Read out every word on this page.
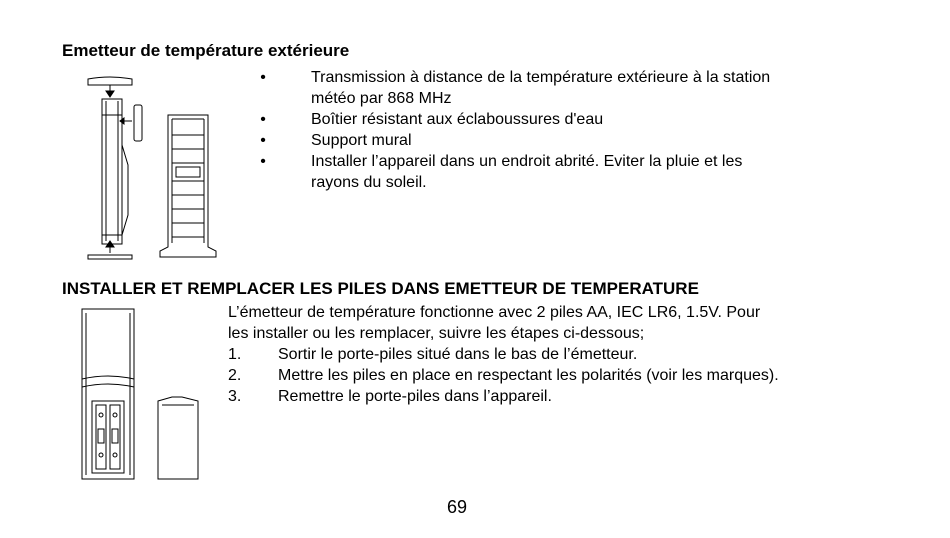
Emetteur de température extérieure
•	Transmission à distance de la température extérieure à la station
météo par 868 MHz
•	Boîtier résistant aux éclaboussures d'eau
•	Support mural
•	Installer l’appareil dans un endroit abrité. Eviter la pluie et les
rayons du soleil.
INSTALLER ET REMPLACER LES PILES DANS EMETTEUR DE TEMPERATURE
L’émetteur de température fonctionne avec 2 piles AA, IEC LR6, 1.5V. Pour
les installer ou les remplacer, suivre les étapes ci-dessous;
1. Sortir le porte-piles situé dans le bas de l’émetteur.
2. Mettre les piles en place en respectant les polarités (voir les marques).
3. Remettre le porte-piles dans l’appareil.
69
